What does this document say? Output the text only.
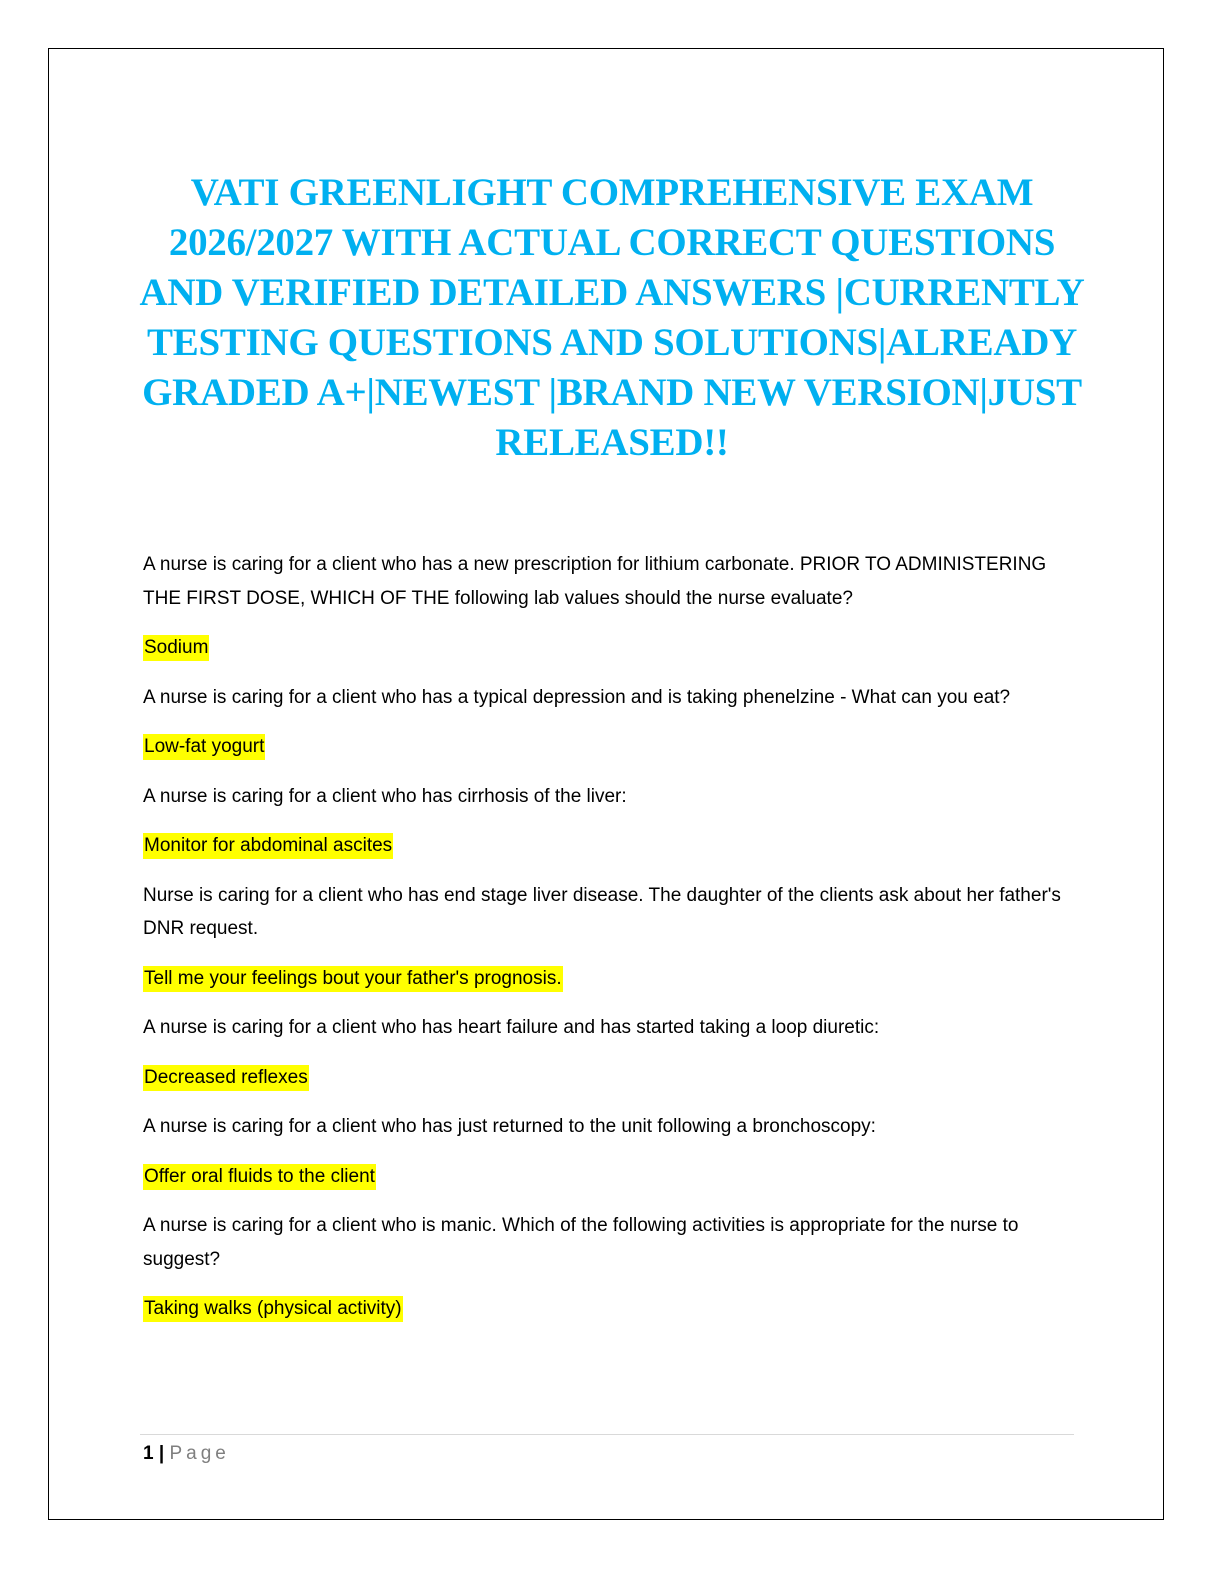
VATI GREENLIGHT COMPREHENSIVE EXAM 2026/2027 WITH ACTUAL CORRECT QUESTIONS AND VERIFIED DETAILED ANSWERS |CURRENTLY TESTING QUESTIONS AND SOLUTIONS|ALREADY GRADED A+|NEWEST |BRAND NEW VERSION|JUST RELEASED!!

A nurse is caring for a client who has a new prescription for lithium carbonate. PRIOR TO ADMINISTERING THE FIRST DOSE, WHICH OF THE following lab values should the nurse evaluate?

Sodium

A nurse is caring for a client who has a typical depression and is taking phenelzine - What can you eat?

Low-fat yogurt

A nurse is caring for a client who has cirrhosis of the liver:

Monitor for abdominal ascites

Nurse is caring for a client who has end stage liver disease. The daughter of the clients ask about her father's DNR request.

Tell me your feelings bout your father's prognosis.

A nurse is caring for a client who has heart failure and has started taking a loop diuretic:

Decreased reflexes

A nurse is caring for a client who has just returned to the unit following a bronchoscopy:

Offer oral fluids to the client

A nurse is caring for a client who is manic. Which of the following activities is appropriate for the nurse to suggest?

Taking walks (physical activity)

1 | Page
